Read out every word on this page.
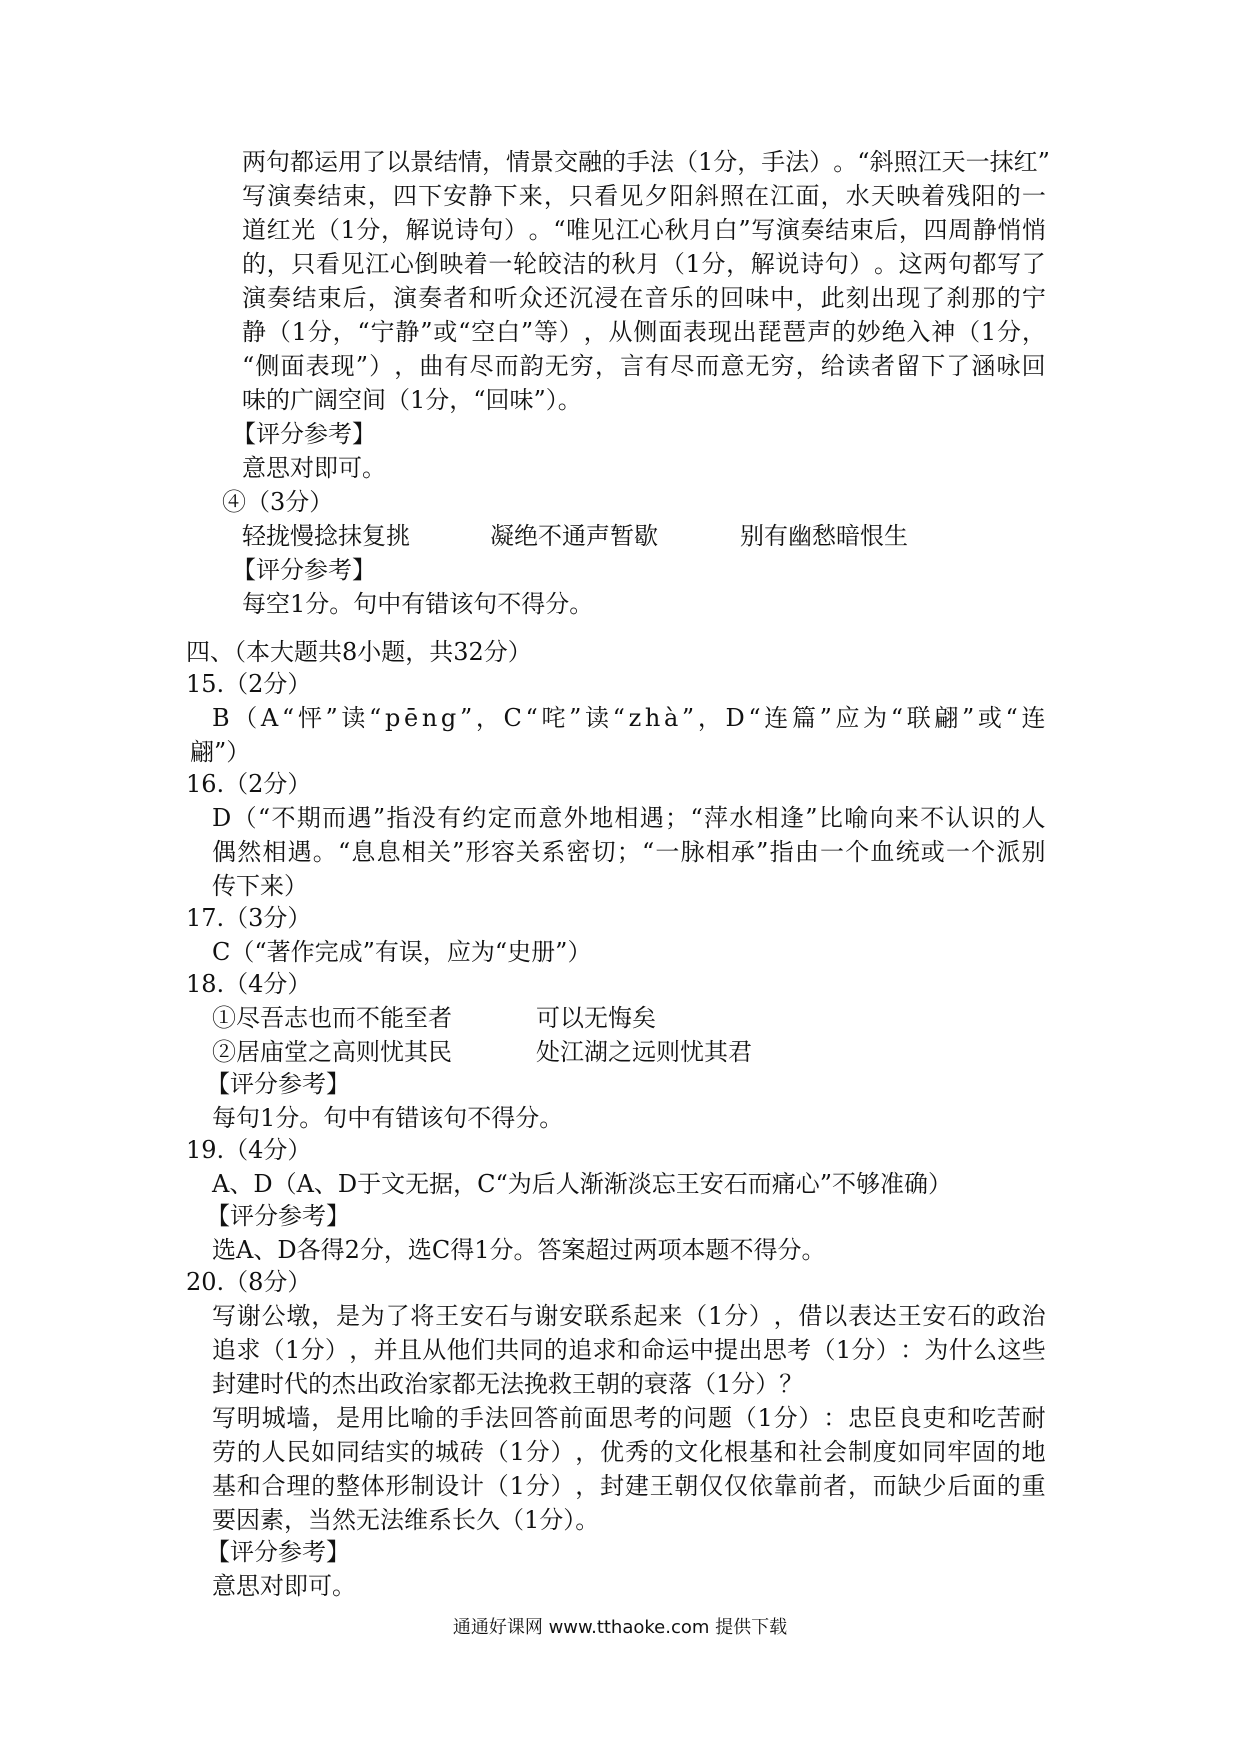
两 句 都 运 用 了 以 景 结 情 ， 情 景 交 融 的 手 法 （ 1 分 ， 手 法 ） 。 “ 斜 照 江 天 一 抹 红 ”
写 演 奏 结 束 ， 四 下 安 静 下 来 ， 只 看 见 夕 阳 斜 照 在 江 面 ， 水 天 映 着 残 阳 的 一
道 红 光 （ 1 分 ， 解 说 诗 句 ） 。 “ 唯 见 江 心 秋 月 白 ” 写 演 奏 结 束 后 ， 四 周 静 悄 悄
的 ， 只 看 见 江 心 倒 映 着 一 轮 皎 洁 的 秋 月 （ 1 分 ， 解 说 诗 句 ） 。 这 两 句 都 写 了
演 奏 结 束 后 ， 演 奏 者 和 听 众 还 沉 浸 在 音 乐 的 回 味 中 ， 此 刻 出 现 了 刹 那 的 宁
静 （ 1 分 ， “ 宁 静 ” 或 “ 空 白 ” 等 ） ， 从 侧 面 表 现 出 琵 琶 声 的 妙 绝 入 神 （ 1 分 ，
“ 侧 面 表 现 ” ） ， 曲 有 尽 而 韵 无 穷 ， 言 有 尽 而 意 无 穷 ， 给 读 者 留 下 了 涵 咏 回
味的广阔空间（1分，“回味”）。
【评分参考】
意思对即可。
④（3分）
轻拢慢捻抹复挑	凝绝不通声暂歇	别有幽愁暗恨生
【评分参考】
每空1分。句中有错该句不得分。
四、（本大题共8小题，共32分）
15.（2分）
B （ A “ 怦 ” 读 “ p ē n g ” ， C “ 咤 ” 读 “ z h à ” ， D “ 连 篇 ” 应 为 “ 联 翩 ” 或 “ 连
翩”）
16.（2分）
D （ “ 不 期 而 遇 ” 指 没 有 约 定 而 意 外 地 相 遇 ； “ 萍 水 相 逢 ” 比 喻 向 来 不 认 识 的 人
偶 然 相 遇 。 “ 息 息 相 关 ” 形 容 关 系 密 切 ； “ 一 脉 相 承 ” 指 由 一 个 血 统 或 一 个 派 别
传下来）
17.（3分）
C（“著作完成”有误，应为“史册”）
18.（4分）
①尽吾志也而不能至者	可以无悔矣
②居庙堂之高则忧其民	处江湖之远则忧其君
【评分参考】
每句1分。句中有错该句不得分。
19.（4分）
A、D（A、D于文无据，C“为后人渐渐淡忘王安石而痛心”不够准确）
【评分参考】
选A、D各得2分，选C得1分。答案超过两项本题不得分。
20.（8分）
写 谢 公 墩 ， 是 为 了 将 王 安 石 与 谢 安 联 系 起 来 （ 1 分 ） ， 借 以 表 达 王 安 石 的 政 治
追 求 （ 1 分 ） ， 并 且 从 他 们 共 同 的 追 求 和 命 运 中 提 出 思 考 （ 1 分 ） ： 为 什 么 这 些
封建时代的杰出政治家都无法挽救王朝的衰落（1分）？
写 明 城 墙 ， 是 用 比 喻 的 手 法 回 答 前 面 思 考 的 问 题 （ 1 分 ） ： 忠 臣 良 吏 和 吃 苦 耐
劳 的 人 民 如 同 结 实 的 城 砖 （ 1 分 ） ， 优 秀 的 文 化 根 基 和 社 会 制 度 如 同 牢 固 的 地
基 和 合 理 的 整 体 形 制 设 计 （ 1 分 ） ， 封 建 王 朝 仅 仅 依 靠 前 者 ， 而 缺 少 后 面 的 重
要因素，当然无法维系长久（1分）。
【评分参考】
意思对即可。
通通好课网 www.tthaoke.com 提供下载
